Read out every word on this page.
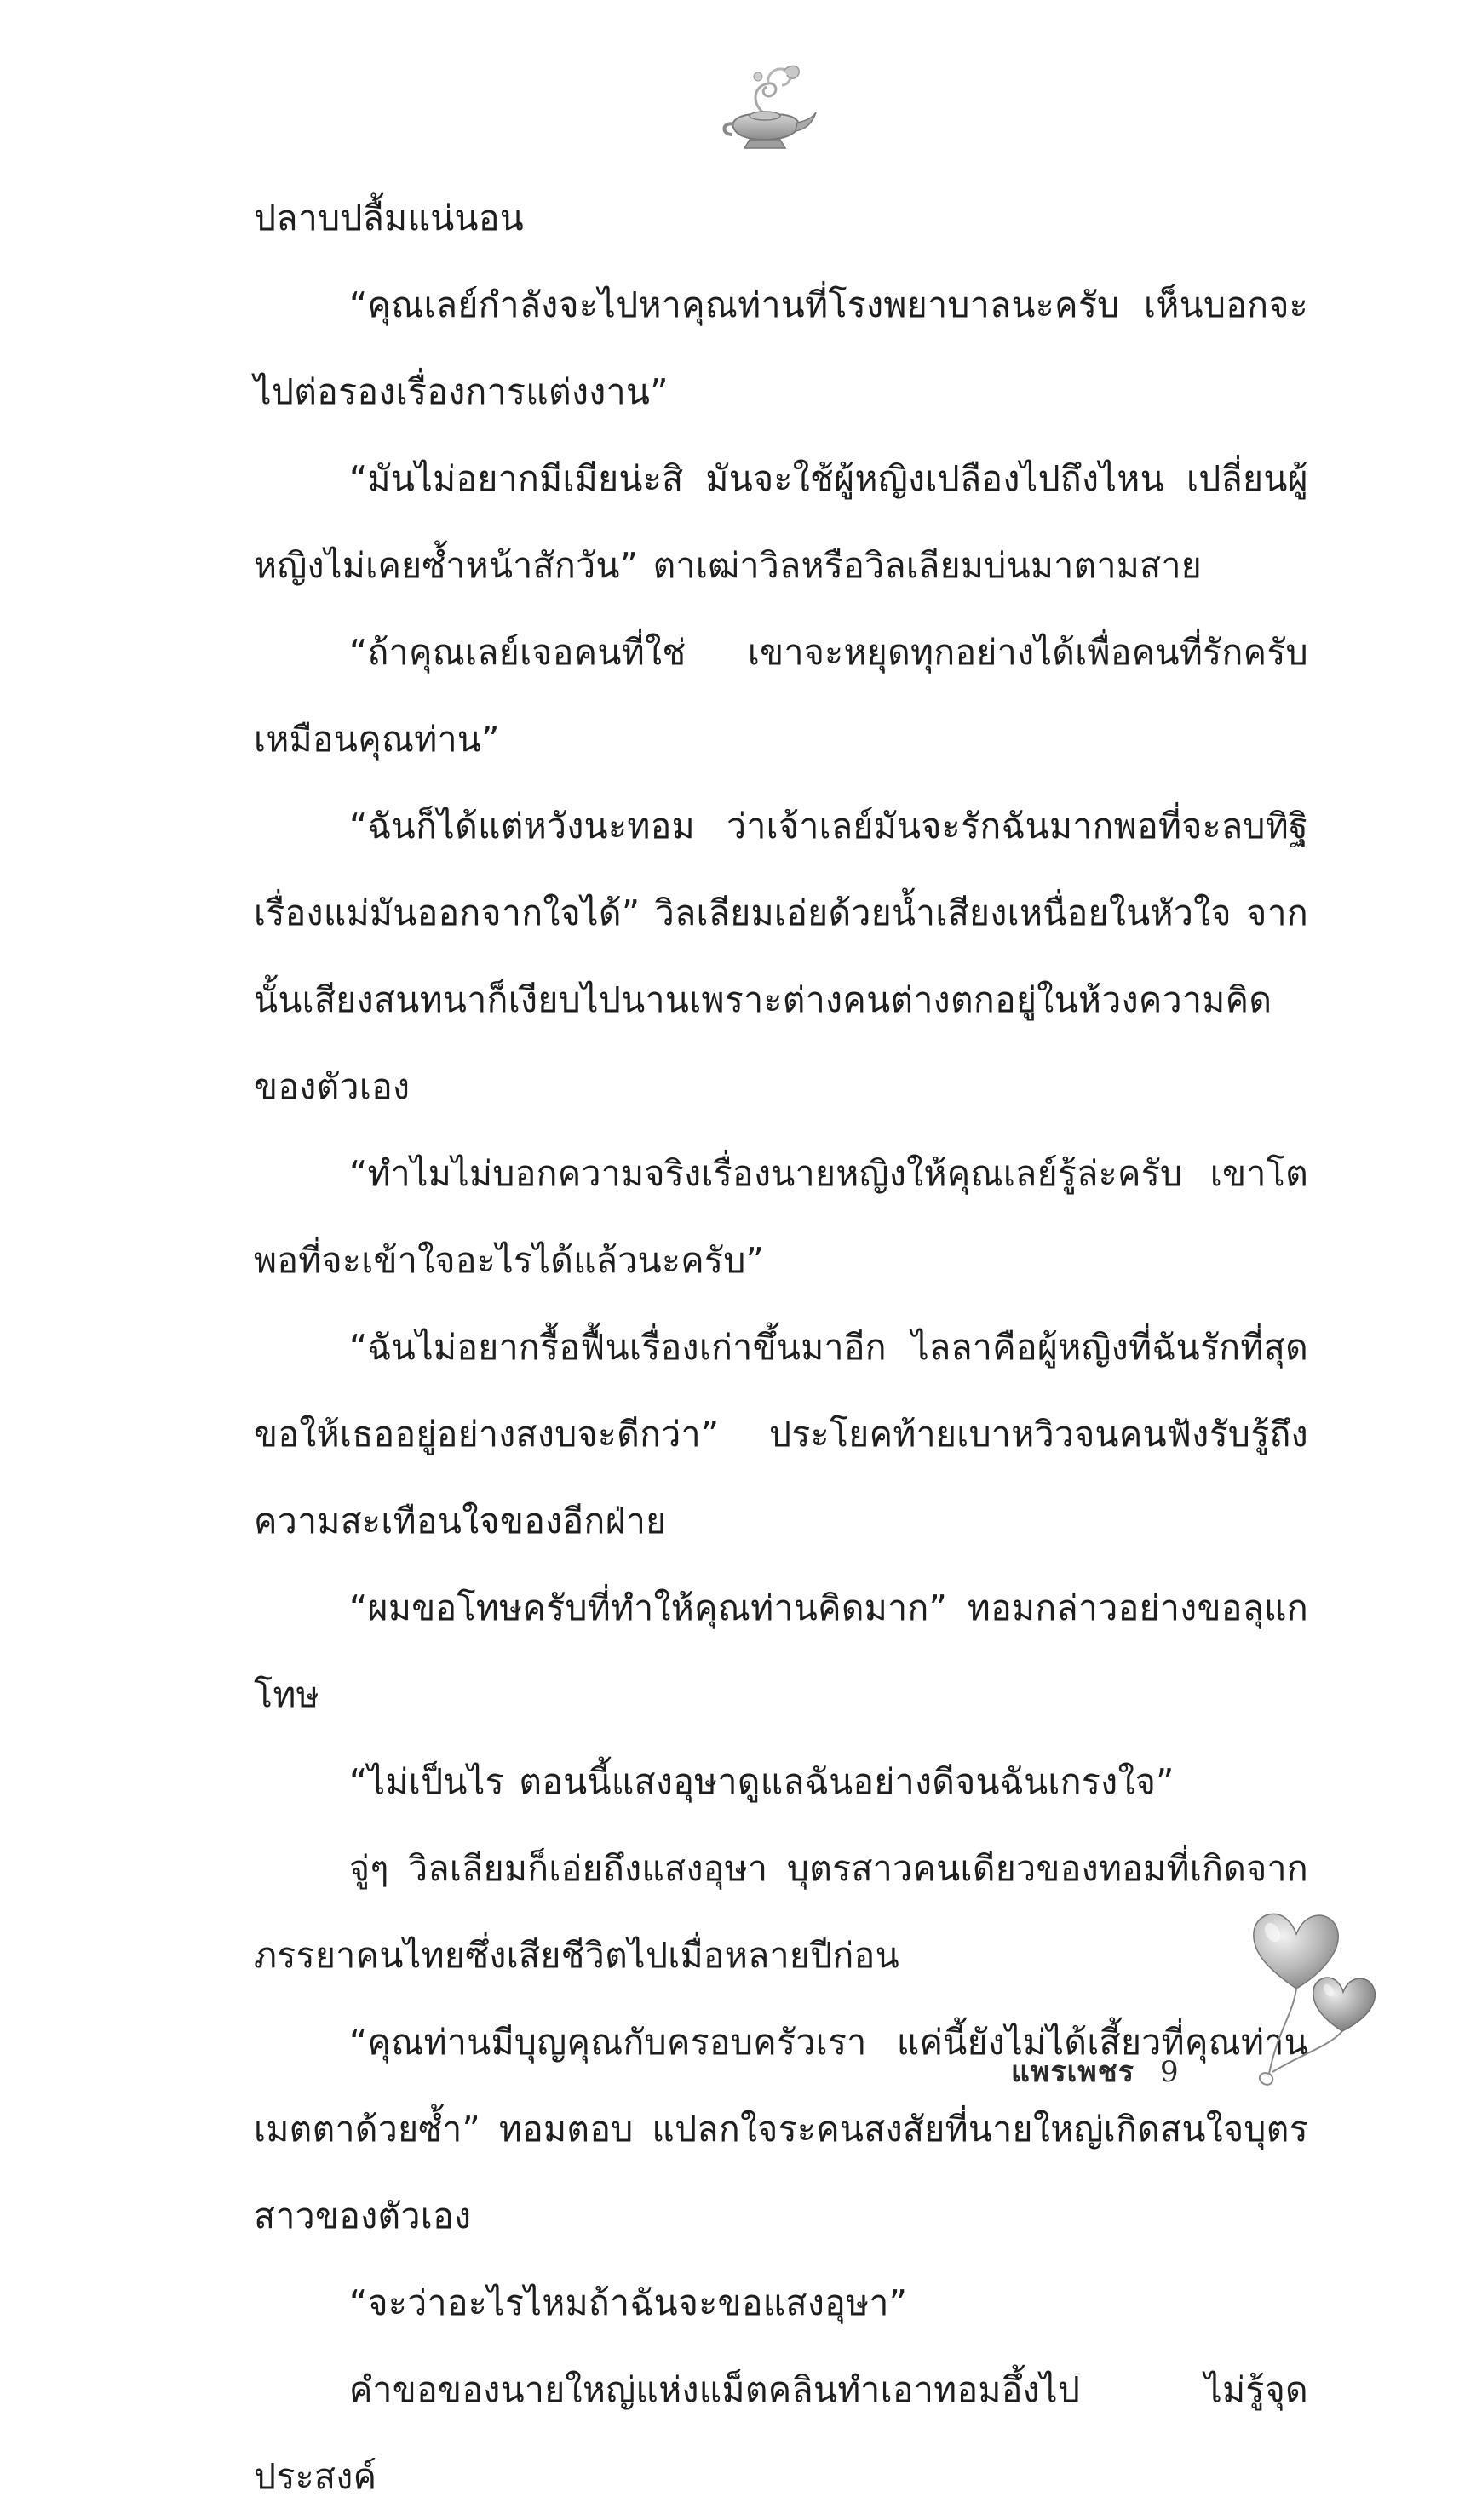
ปลาบปลื้มแน่นอน

“คุณเลย์กำลังจะไปหาคุณท่านที่โรงพยาบาลนะครับ เห็นบอกจะไปต่อรองเรื่องการแต่งงาน”

“มันไม่อยากมีเมียน่ะสิ มันจะใช้ผู้หญิงเปลืองไปถึงไหน เปลี่ยนผู้หญิงไม่เคยซ้ำหน้าสักวัน” ตาเฒ่าวิลหรือวิลเลียมบ่นมาตามสาย

“ถ้าคุณเลย์เจอคนที่ใช่ เขาจะหยุดทุกอย่างได้เพื่อคนที่รักครับเหมือนคุณท่าน”

“ฉันก็ได้แต่หวังนะทอม ว่าเจ้าเลย์มันจะรักฉันมากพอที่จะลบทิฐิเรื่องแม่มันออกจากใจได้” วิลเลียมเอ่ยด้วยน้ำเสียงเหนื่อยในหัวใจ จากนั้นเสียงสนทนาก็เงียบไปนานเพราะต่างคนต่างตกอยู่ในห้วงความคิดของตัวเอง

“ทำไมไม่บอกความจริงเรื่องนายหญิงให้คุณเลย์รู้ล่ะครับ เขาโตพอที่จะเข้าใจอะไรได้แล้วนะครับ”

“ฉันไม่อยากรื้อฟื้นเรื่องเก่าขึ้นมาอีก ไลลาคือผู้หญิงที่ฉันรักที่สุด ขอให้เธออยู่อย่างสงบจะดีกว่า” ประโยคท้ายเบาหวิวจนคนฟังรับรู้ถึงความสะเทือนใจของอีกฝ่าย

“ผมขอโทษครับที่ทำให้คุณท่านคิดมาก” ทอมกล่าวอย่างขอลุแกโทษ

“ไม่เป็นไร ตอนนี้แสงอุษาดูแลฉันอย่างดีจนฉันเกรงใจ”

จู่ๆ วิลเลียมก็เอ่ยถึงแสงอุษา บุตรสาวคนเดียวของทอมที่เกิดจากภรรยาคนไทยซึ่งเสียชีวิตไปเมื่อหลายปีก่อน

“คุณท่านมีบุญคุณกับครอบครัวเรา แค่นี้ยังไม่ได้เสี้ยวที่คุณท่านเมตตาด้วยซ้ำ” ทอมตอบ แปลกใจระคนสงสัยที่นายใหญ่เกิดสนใจบุตรสาวของตัวเอง

“จะว่าอะไรไหมถ้าฉันจะขอแสงอุษา”

คำขอของนายใหญ่แห่งแม็ตคลินทำเอาทอมอึ้งไป ไม่รู้จุดประสงค์

แพรเพชร 9
